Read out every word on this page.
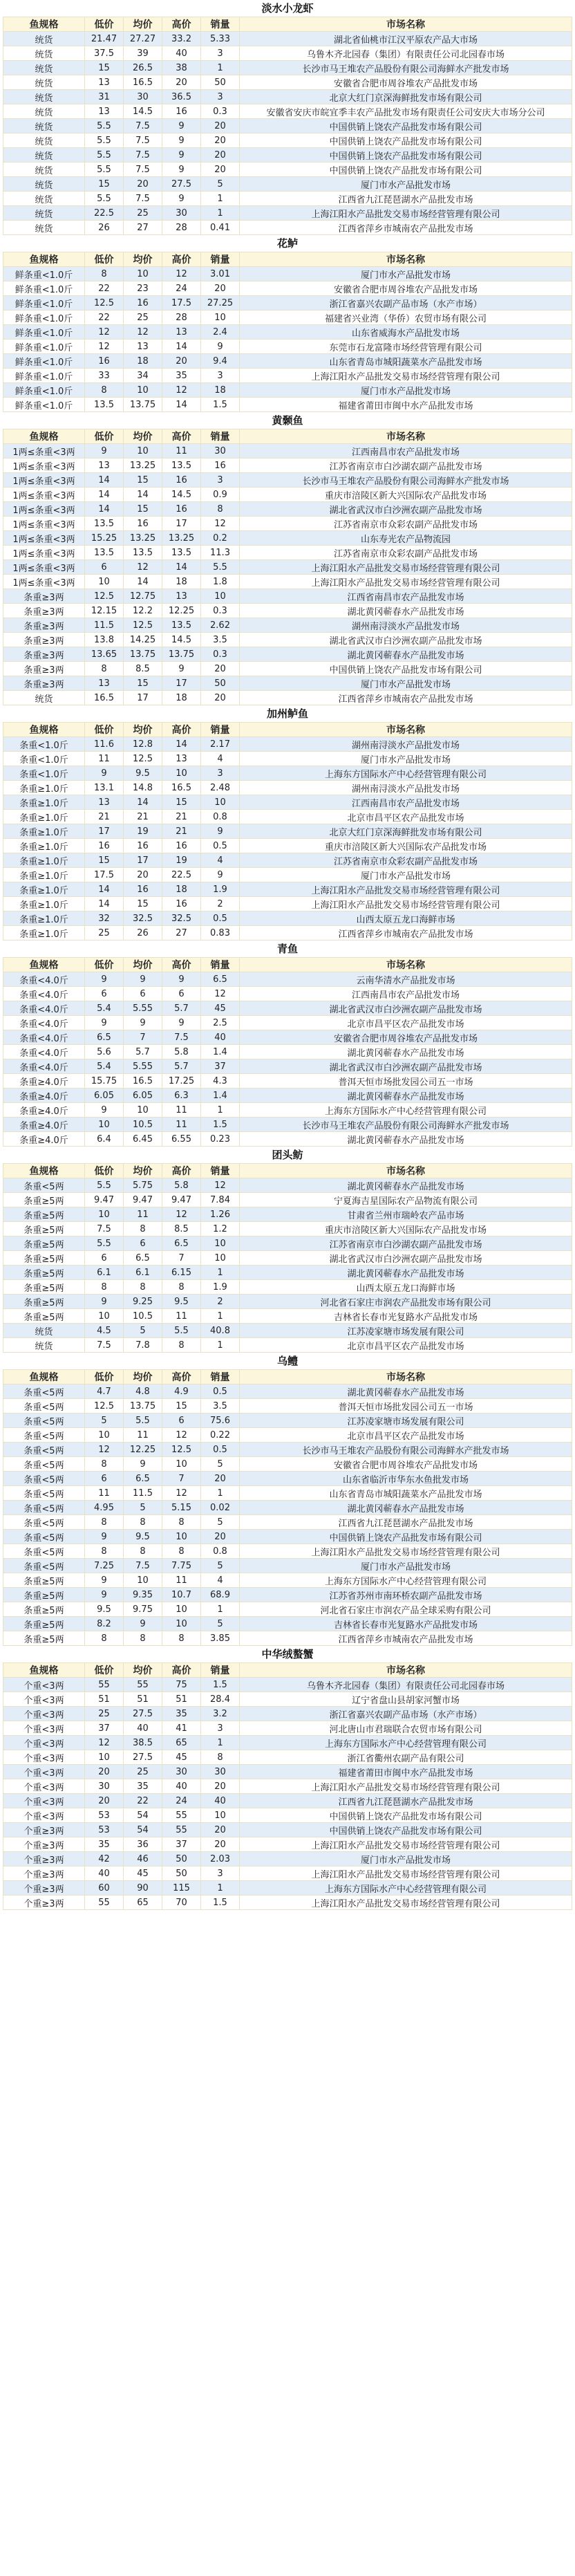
淡水小龙虾
鱼规格	低价	均价	高价	销量	市场名称
统货	21.47	27.27	33.2	5.33	湖北省仙桃市江汉平原农产品大市场
统货	37.5	39	40	3	乌鲁木齐北园春（集团）有限责任公司北园春市场
统货	15	26.5	38	1	长沙市马王堆农产品股份有限公司海鲜水产批发市场
统货	13	16.5	20	50	安徽省合肥市周谷堆农产品批发市场
统货	31	30	36.5	3	北京大红门京深海鲜批发市场有限公司
统货	13	14.5	16	0.3	安徽省安庆市皖宜季丰农产品批发市场有限责任公司安庆大市场分公司
统货	5.5	7.5	9	20	中国供销上饶农产品批发市场有限公司
统货	5.5	7.5	9	20	中国供销上饶农产品批发市场有限公司
统货	5.5	7.5	9	20	中国供销上饶农产品批发市场有限公司
统货	5.5	7.5	9	20	中国供销上饶农产品批发市场有限公司
统货	15	20	27.5	5	厦门市水产品批发市场
统货	5.5	7.5	9	1	江西省九江琵琶湖水产品批发市场
统货	22.5	25	30	1	上海江阳水产品批发交易市场经营管理有限公司
统货	26	27	28	0.41	江西省萍乡市城南农产品批发市场
花鲈
鱼规格	低价	均价	高价	销量	市场名称
鲜条重<1.0斤	8	10	12	3.01	厦门市水产品批发市场
鲜条重<1.0斤	22	23	24	20	安徽省合肥市周谷堆农产品批发市场
鲜条重<1.0斤	12.5	16	17.5	27.25	浙江省嘉兴农副产品市场（水产市场）
鲜条重<1.0斤	22	25	28	10	福建省兴业湾（华侨）农贸市场有限公司
鲜条重<1.0斤	12	12	13	2.4	山东省威海水产品批发市场
鲜条重<1.0斤	12	13	14	9	东莞市石龙富隆市场经营管理有限公司
鲜条重<1.0斤	16	18	20	9.4	山东省青岛市城阳蔬菜水产品批发市场
鲜条重<1.0斤	33	34	35	3	上海江阳水产品批发交易市场经营管理有限公司
鲜条重<1.0斤	8	10	12	18	厦门市水产品批发市场
鲜条重<1.0斤	13.5	13.75	14	1.5	福建省莆田市闽中水产品批发市场
黄颡鱼
鱼规格	低价	均价	高价	销量	市场名称
1两≤条重<3两	9	10	11	30	江西南昌市农产品批发市场
1两≤条重<3两	13	13.25	13.5	16	江苏省南京市白沙湖农副产品批发市场
1两≤条重<3两	14	15	16	3	长沙市马王堆农产品股份有限公司海鲜水产批发市场
1两≤条重<3两	14	14	14.5	0.9	重庆市涪陵区新大兴国际农产品批发市场
1两≤条重<3两	14	15	16	8	湖北省武汉市白沙洲农副产品批发市场
1两≤条重<3两	13.5	16	17	12	江苏省南京市众彩农副产品批发市场
1两≤条重<3两	15.25	13.25	13.25	0.2	山东寿光农产品物流园
1两≤条重<3两	13.5	13.5	13.5	11.3	江苏省南京市众彩农副产品批发市场
1两≤条重<3两	6	12	14	5.5	上海江阳水产品批发交易市场经营管理有限公司
1两≤条重<3两	10	14	18	1.8	上海江阳水产品批发交易市场经营管理有限公司
条重≥3两	12.5	12.75	13	10	江西省南昌市农产品批发市场
条重≥3两	12.15	12.2	12.25	0.3	湖北黄冈蕲春水产品批发市场
条重≥3两	11.5	12.5	13.5	2.62	湖州南浔淡水产品批发市场
条重≥3两	13.8	14.25	14.5	3.5	湖北省武汉市白沙洲农副产品批发市场
条重≥3两	13.65	13.75	13.75	0.3	湖北黄冈蕲春水产品批发市场
条重≥3两	8	8.5	9	20	中国供销上饶农产品批发市场有限公司
条重≥3两	13	15	17	50	厦门市水产品批发市场
统货	16.5	17	18	20	江西省萍乡市城南农产品批发市场
加州鲈鱼
鱼规格	低价	均价	高价	销量	市场名称
条重<1.0斤	11.6	12.8	14	2.17	湖州南浔淡水产品批发市场
条重<1.0斤	11	12.5	13	4	厦门市水产品批发市场
条重<1.0斤	9	9.5	10	3	上海东方国际水产中心经营管理有限公司
条重≥1.0斤	13.1	14.8	16.5	2.48	湖州南浔淡水产品批发市场
条重≥1.0斤	13	14	15	10	江西南昌市农产品批发市场
条重≥1.0斤	21	21	21	0.8	北京市昌平区农产品批发市场
条重≥1.0斤	17	19	21	9	北京大红门京深海鲜批发市场有限公司
条重≥1.0斤	16	16	16	0.5	重庆市涪陵区新大兴国际农产品批发市场
条重≥1.0斤	15	17	19	4	江苏省南京市众彩农副产品批发市场
条重≥1.0斤	17.5	20	22.5	9	厦门市水产品批发市场
条重≥1.0斤	14	16	18	1.9	上海江阳水产品批发交易市场经营管理有限公司
条重≥1.0斤	14	15	16	2	上海江阳水产品批发交易市场经营管理有限公司
条重≥1.0斤	32	32.5	32.5	0.5	山西太原五龙口海鲜市场
条重≥1.0斤	25	26	27	0.83	江西省萍乡市城南农产品批发市场
青鱼
鱼规格	低价	均价	高价	销量	市场名称
条重<4.0斤	9	9	9	6.5	云南华清水产品批发市场
条重<4.0斤	6	6	6	12	江西南昌市农产品批发市场
条重<4.0斤	5.4	5.55	5.7	45	湖北省武汉市白沙洲农副产品批发市场
条重<4.0斤	9	9	9	2.5	北京市昌平区农产品批发市场
条重<4.0斤	6.5	7	7.5	40	安徽省合肥市周谷堆农产品批发市场
条重<4.0斤	5.6	5.7	5.8	1.4	湖北黄冈蕲春水产品批发市场
条重<4.0斤	5.4	5.55	5.7	37	湖北省武汉市白沙洲农副产品批发市场
条重≥4.0斤	15.75	16.5	17.25	4.3	普洱天恒市场批发园公司五一市场
条重≥4.0斤	6.05	6.05	6.3	1.4	湖北黄冈蕲春水产品批发市场
条重≥4.0斤	9	10	11	1	上海东方国际水产中心经营管理有限公司
条重≥4.0斤	10	10.5	11	1.5	长沙市马王堆农产品股份有限公司海鲜水产批发市场
条重≥4.0斤	6.4	6.45	6.55	0.23	湖北黄冈蕲春水产品批发市场
团头鲂
鱼规格	低价	均价	高价	销量	市场名称
条重<5两	5.5	5.75	5.8	12	湖北黄冈蕲春水产品批发市场
条重≥5两	9.47	9.47	9.47	7.84	宁夏海吉星国际农产品物流有限公司
条重≥5两	10	11	12	1.26	甘肃省兰州市瑞岭农产品市场
条重≥5两	7.5	8	8.5	1.2	重庆市涪陵区新大兴国际农产品批发市场
条重≥5两	5.5	6	6.5	10	江苏省南京市白沙湖农副产品批发市场
条重≥5两	6	6.5	7	10	湖北省武汉市白沙洲农副产品批发市场
条重≥5两	6.1	6.1	6.15	1	湖北黄冈蕲春水产品批发市场
条重≥5两	8	8	8	1.9	山西太原五龙口海鲜市场
条重≥5两	9	9.25	9.5	2	河北省石家庄市润农产品批发市场有限公司
条重≥5两	10	10.5	11	1	吉林省长春市光复路水产品批发市场
统货	4.5	5	5.5	40.8	江苏凌家塘市场发展有限公司
统货	7.5	7.8	8	1	北京市昌平区农产品批发市场
乌鳢
鱼规格	低价	均价	高价	销量	市场名称
条重<5两	4.7	4.8	4.9	0.5	湖北黄冈蕲春水产品批发市场
条重<5两	12.5	13.75	15	3.5	普洱天恒市场批发园公司五一市场
条重<5两	5	5.5	6	75.6	江苏凌家塘市场发展有限公司
条重<5两	10	11	12	0.22	北京市昌平区农产品批发市场
条重<5两	12	12.25	12.5	0.5	长沙市马王堆农产品股份有限公司海鲜水产批发市场
条重<5两	8	9	10	5	安徽省合肥市周谷堆农产品批发市场
条重<5两	6	6.5	7	20	山东省临沂市华东水鱼批发市场
条重<5两	11	11.5	12	1	山东省青岛市城阳蔬菜水产品批发市场
条重<5两	4.95	5	5.15	0.02	湖北黄冈蕲春水产品批发市场
条重<5两	8	8	8	5	江西省九江琵琶湖水产品批发市场
条重<5两	9	9.5	10	20	中国供销上饶农产品批发市场有限公司
条重<5两	8	8	8	0.8	上海江阳水产品批发交易市场经营管理有限公司
条重<5两	7.25	7.5	7.75	5	厦门市水产品批发市场
条重≥5两	9	10	11	4	上海东方国际水产中心经营管理有限公司
条重≥5两	9	9.35	10.7	68.9	江苏省苏州市南环桥农副产品批发市场
条重≥5两	9.5	9.75	10	1	河北省石家庄市润农产品全球采购有限公司
条重≥5两	8.2	9	10	5	吉林省长春市光复路水产品批发市场
条重≥5两	8	8	8	3.85	江西省萍乡市城南农产品批发市场
中华绒螯蟹
鱼规格	低价	均价	高价	销量	市场名称
个重<3两	55	55	75	1.5	乌鲁木齐北园春（集团）有限责任公司北园春市场
个重<3两	51	51	51	28.4	辽宁省盘山县胡家河蟹市场
个重<3两	25	27.5	35	3.2	浙江省嘉兴农副产品市场（水产市场）
个重<3两	37	40	41	3	河北唐山市君瑞联合农贸市场有限公司
个重<3两	12	38.5	65	1	上海东方国际水产中心经营管理有限公司
个重<3两	10	27.5	45	8	浙江省衢州农副产品有限公司
个重<3两	20	25	30	30	福建省莆田市闽中水产品批发市场
个重<3两	30	35	40	20	上海江阳水产品批发交易市场经营管理有限公司
个重<3两	20	22	24	40	江西省九江琵琶湖水产品批发市场
个重<3两	53	54	55	10	中国供销上饶农产品批发市场有限公司
个重≥3两	53	54	55	20	中国供销上饶农产品批发市场有限公司
个重≥3两	35	36	37	20	上海江阳水产品批发交易市场经营管理有限公司
个重≥3两	42	46	50	2.03	厦门市水产品批发市场
个重≥3两	40	45	50	3	上海江阳水产品批发交易市场经营管理有限公司
个重≥3两	60	90	115	1	上海东方国际水产中心经营管理有限公司
个重≥3两	55	65	70	1.5	上海江阳水产品批发交易市场经营管理有限公司
